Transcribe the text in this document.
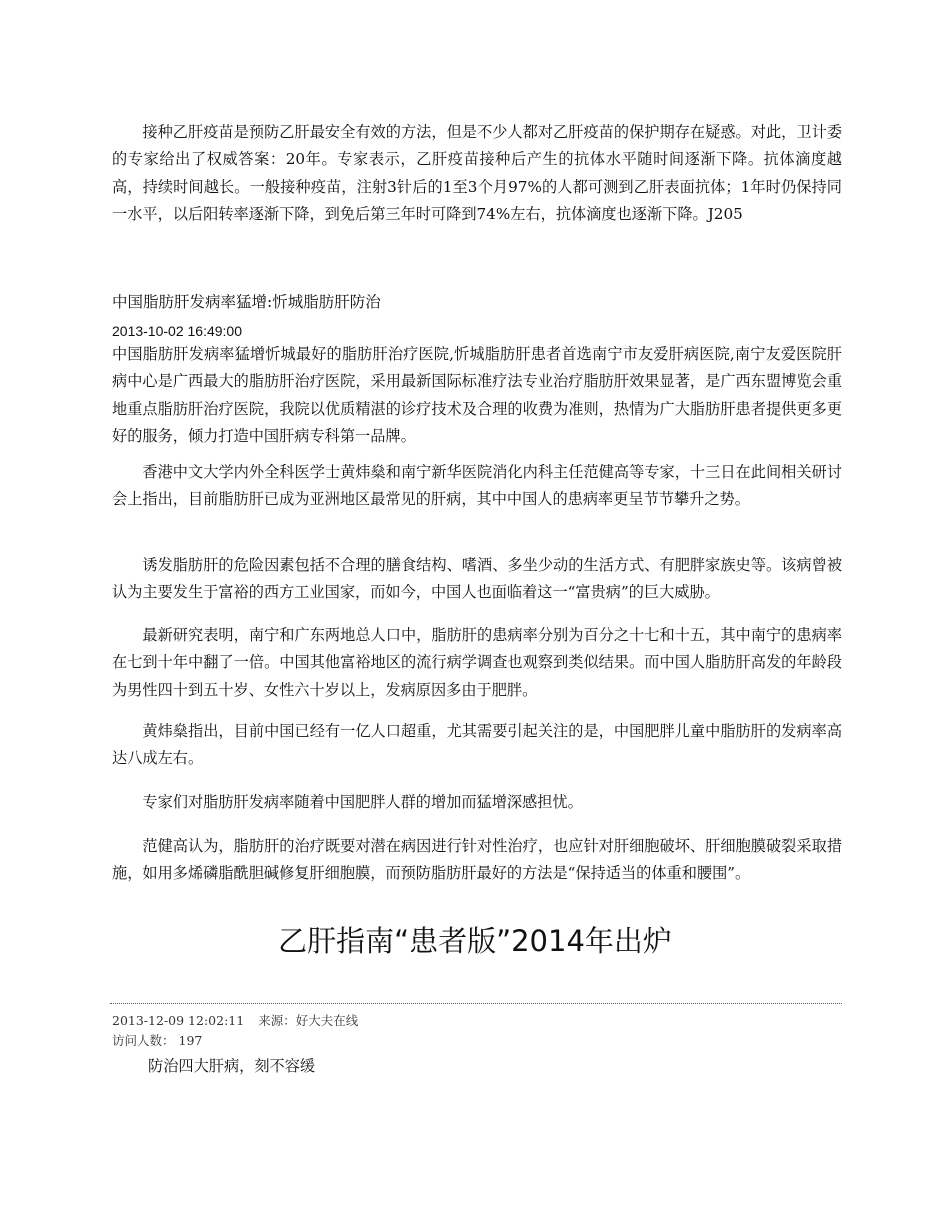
接种乙肝疫苗是预防乙肝最安全有效的方法，但是不少人都对乙肝疫苗的保护期存在疑惑。对此，卫计委的专家给出了权威答案：20年。专家表示，乙肝疫苗接种后产生的抗体水平随时间逐渐下降。抗体滴度越高，持续时间越长。一般接种疫苗，注射3针后的1至3个月97%的人都可测到乙肝表面抗体；1年时仍保持同一水平，以后阳转率逐渐下降，到免后第三年时可降到74%左右，抗体滴度也逐渐下降。J205

中国脂肪肝发病率猛增:忻城脂肪肝防治
2013-10-02 16:49:00

中国脂肪肝发病率猛增忻城最好的脂肪肝治疗医院,忻城脂肪肝患者首选南宁市友爱肝病医院,南宁友爱医院肝病中心是广西最大的脂肪肝治疗医院，采用最新国际标准疗法专业治疗脂肪肝效果显著，是广西东盟博览会重地重点脂肪肝治疗医院，我院以优质精湛的诊疗技术及合理的收费为准则，热情为广大脂肪肝患者提供更多更好的服务，倾力打造中国肝病专科第一品牌。

香港中文大学内外全科医学士黄炜燊和南宁新华医院消化内科主任范健高等专家，十三日在此间相关研讨会上指出，目前脂肪肝已成为亚洲地区最常见的肝病，其中中国人的患病率更呈节节攀升之势。

诱发脂肪肝的危险因素包括不合理的膳食结构、嗜酒、多坐少动的生活方式、有肥胖家族史等。该病曾被认为主要发生于富裕的西方工业国家，而如今，中国人也面临着这一“富贵病”的巨大威胁。

最新研究表明，南宁和广东两地总人口中，脂肪肝的患病率分别为百分之十七和十五，其中南宁的患病率在七到十年中翻了一倍。中国其他富裕地区的流行病学调查也观察到类似结果。而中国人脂肪肝高发的年龄段为男性四十到五十岁、女性六十岁以上，发病原因多由于肥胖。

黄炜燊指出，目前中国已经有一亿人口超重，尤其需要引起关注的是，中国肥胖儿童中脂肪肝的发病率高达八成左右。

专家们对脂肪肝发病率随着中国肥胖人群的增加而猛增深感担忧。

范健高认为，脂肪肝的治疗既要对潜在病因进行针对性治疗，也应针对肝细胞破坏、肝细胞膜破裂采取措施，如用多烯磷脂酰胆碱修复肝细胞膜，而预防脂肪肝最好的方法是“保持适当的体重和腰围”。

乙肝指南“患者版”2014年出炉
2013-12-09 12:02:11 来源：好大夫在线
访问人数： 197

防治四大肝病，刻不容缓
